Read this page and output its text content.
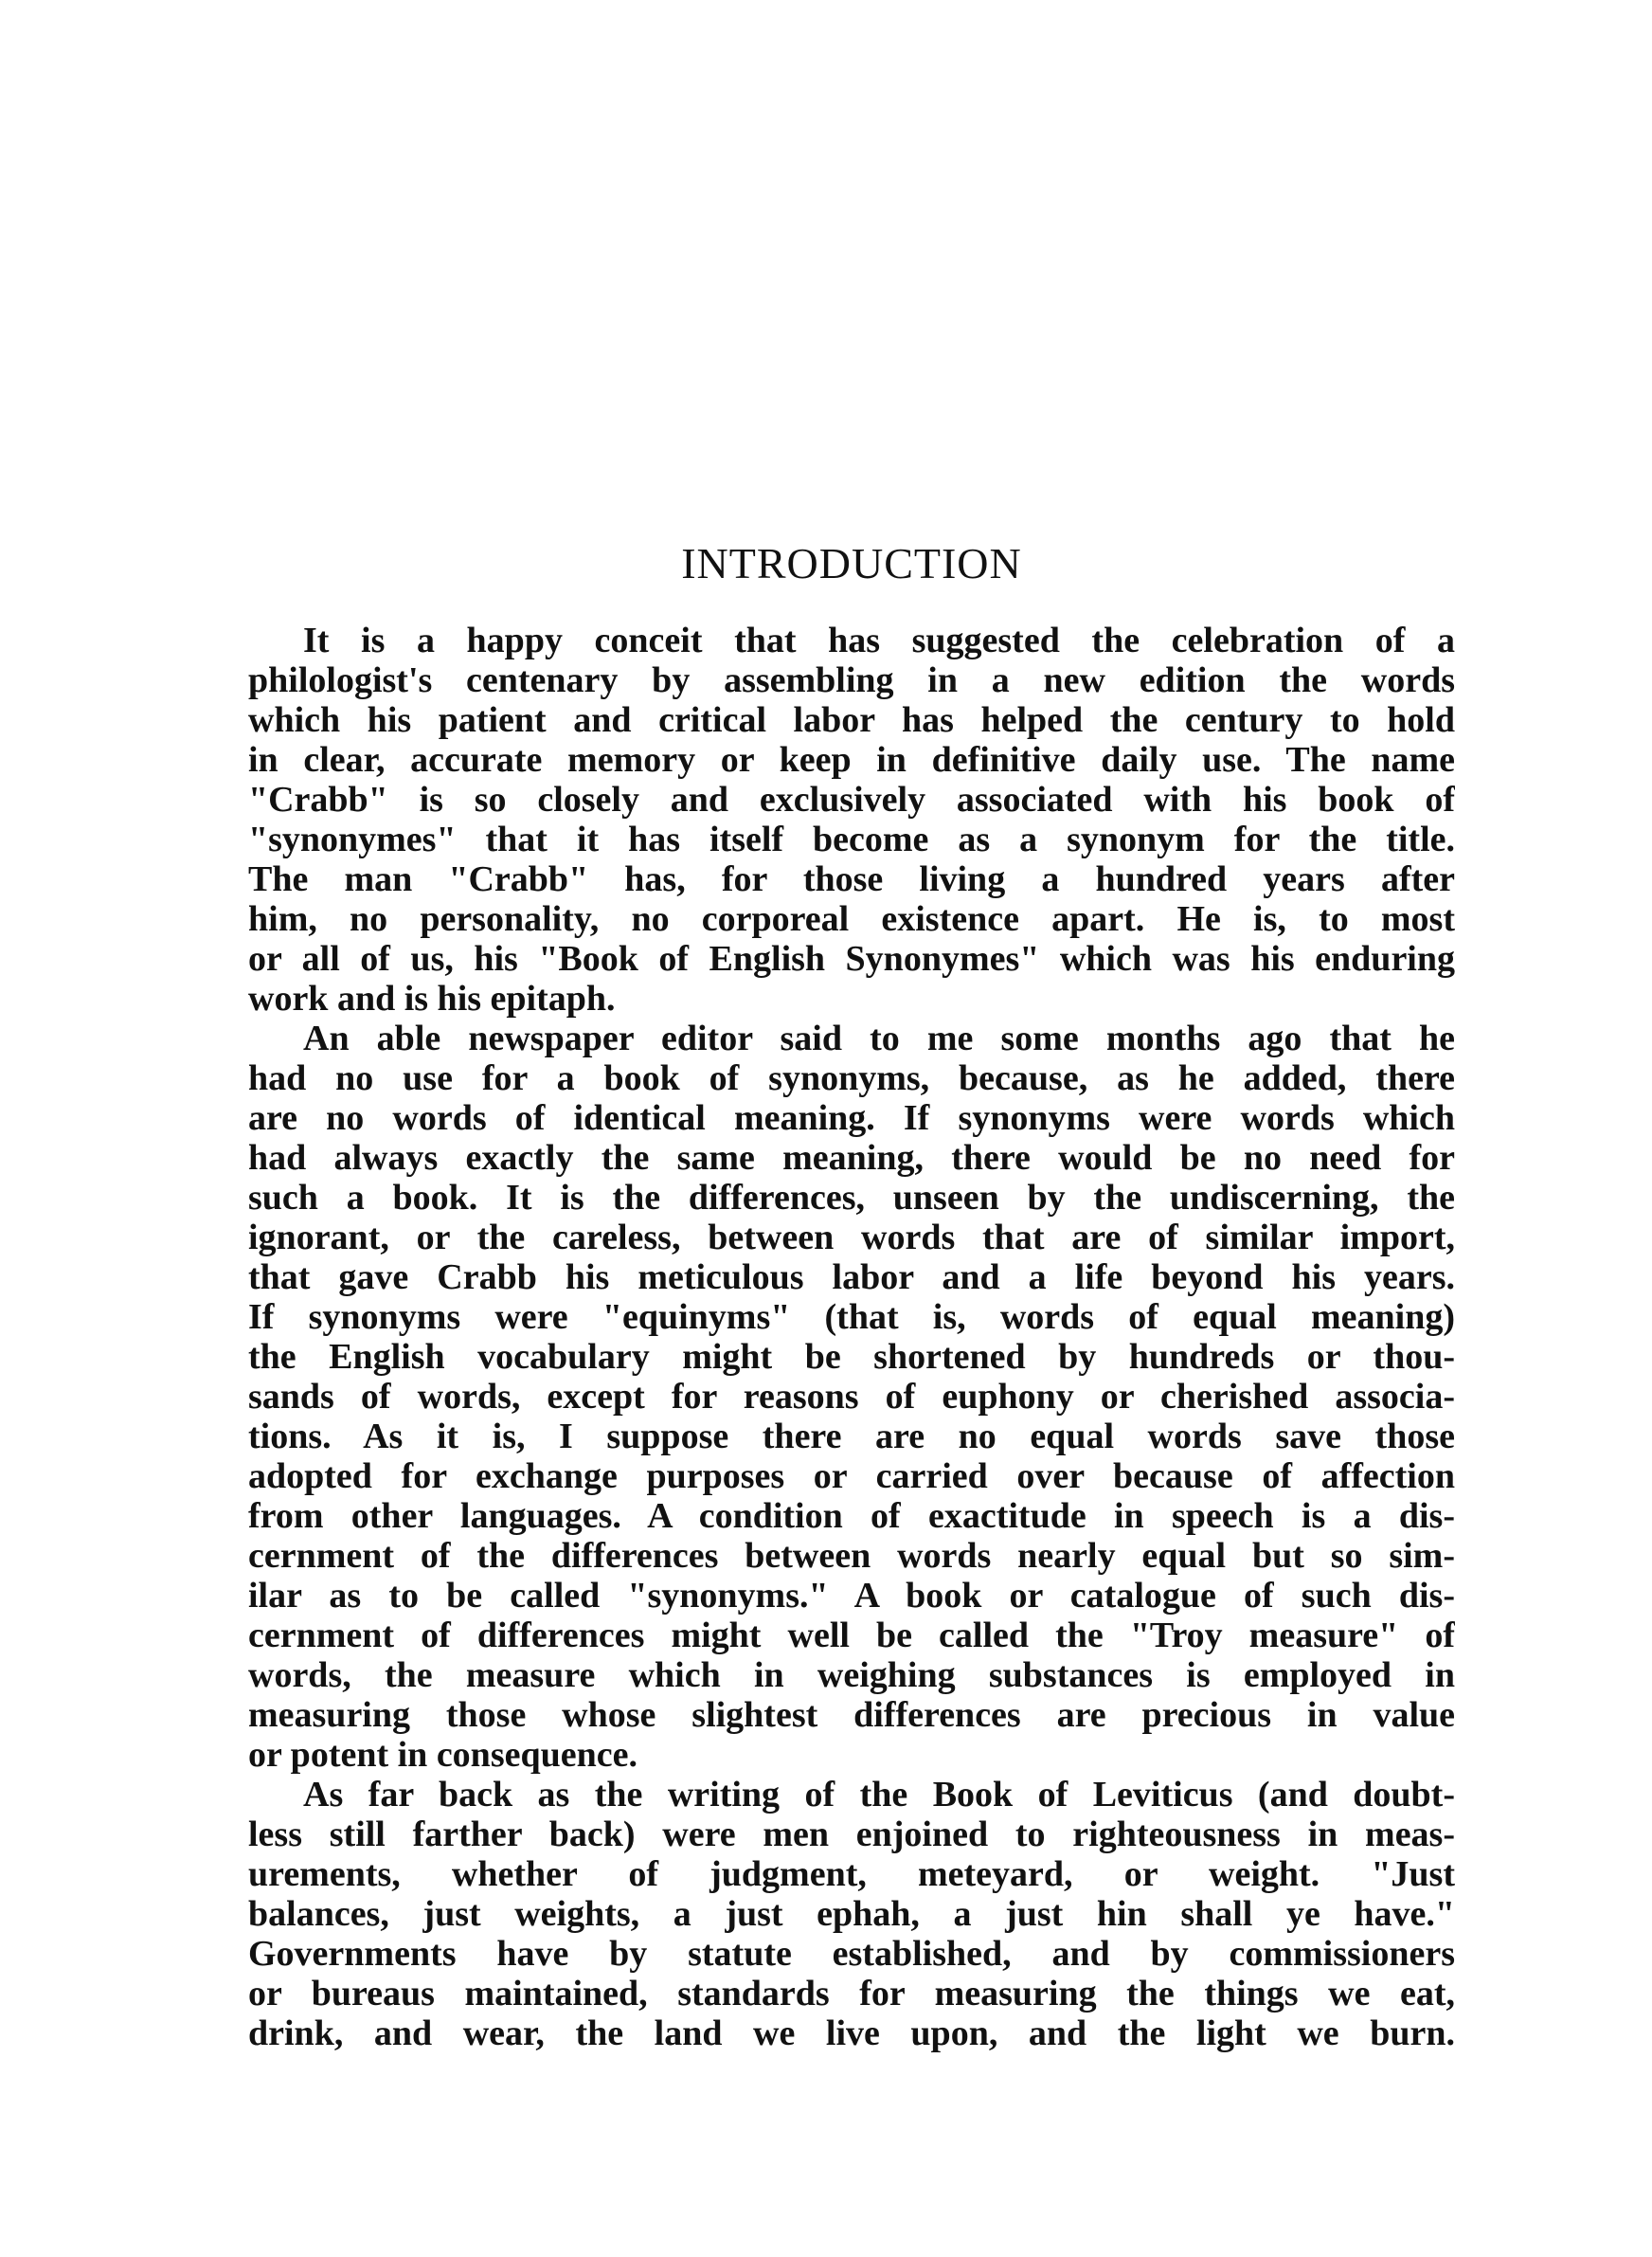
INTRODUCTION
It is a happy conceit that has suggested the celebration of a
philologist's centenary by assembling in a new edition the words
which his patient and critical labor has helped the century to hold
in clear, accurate memory or keep in definitive daily use. The name
"Crabb" is so closely and exclusively associated with his book of
"synonymes" that it has itself become as a synonym for the title.
The man "Crabb" has, for those living a hundred years after
him, no personality, no corporeal existence apart. He is, to most
or all of us, his "Book of English Synonymes" which was his enduring
work and is his epitaph.
An able newspaper editor said to me some months ago that he
had no use for a book of synonyms, because, as he added, there
are no words of identical meaning. If synonyms were words which
had always exactly the same meaning, there would be no need for
such a book. It is the differences, unseen by the undiscerning, the
ignorant, or the careless, between words that are of similar import,
that gave Crabb his meticulous labor and a life beyond his years.
If synonyms were "equinyms" (that is, words of equal meaning)
the English vocabulary might be shortened by hundreds or thou-
sands of words, except for reasons of euphony or cherished associa-
tions. As it is, I suppose there are no equal words save those
adopted for exchange purposes or carried over because of affection
from other languages. A condition of exactitude in speech is a dis-
cernment of the differences between words nearly equal but so sim-
ilar as to be called "synonyms." A book or catalogue of such dis-
cernment of differences might well be called the "Troy measure" of
words, the measure which in weighing substances is employed in
measuring those whose slightest differences are precious in value
or potent in consequence.
As far back as the writing of the Book of Leviticus (and doubt-
less still farther back) were men enjoined to righteousness in meas-
urements, whether of judgment, meteyard, or weight. "Just
balances, just weights, a just ephah, a just hin shall ye have."
Governments have by statute established, and by commissioners
or bureaus maintained, standards for measuring the things we eat,
drink, and wear, the land we live upon, and the light we burn.
